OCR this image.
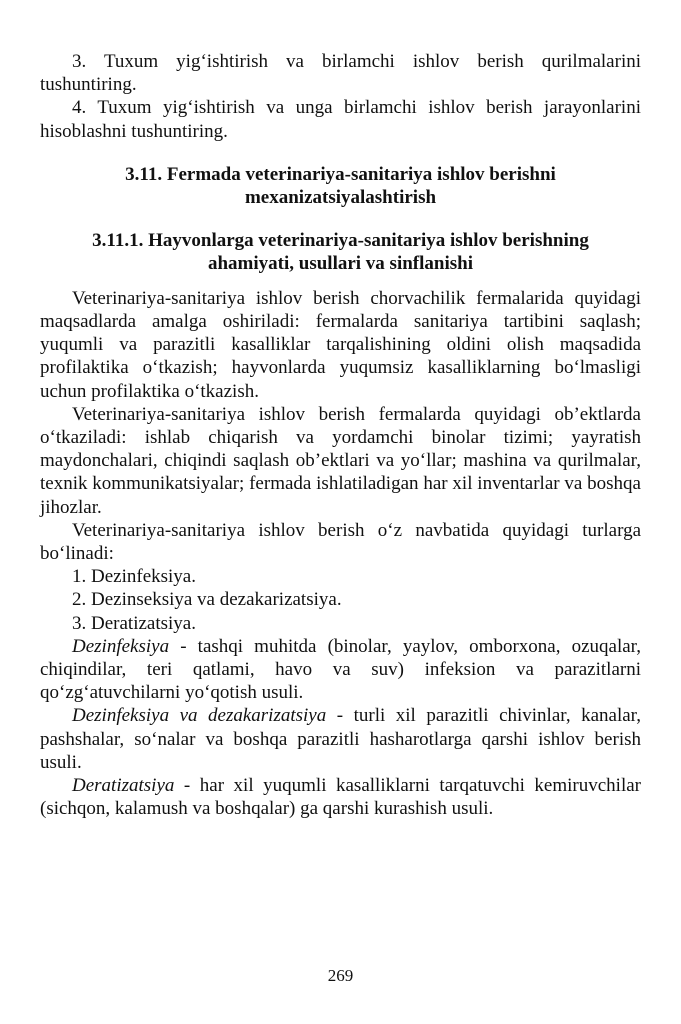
3. Tuxum yig‘ishtirish va birlamchi ishlov berish qurilmalarini tushuntiring.

4. Tuxum yig‘ishtirish va unga birlamchi ishlov berish jarayonlarini hisoblashni tushuntiring.

3.11. Fermada veterinariya-sanitariya ishlov berishni
mexanizatsiyalashtirish
3.11.1. Hayvonlarga veterinariya-sanitariya ishlov berishning
ahamiyati, usullari va sinflanishi

Veterinariya-sanitariya ishlov berish chorvachilik fermalarida quyidagi maqsadlarda amalga oshiriladi: fermalarda sanitariya tartibini saqlash; yuqumli va parazitli kasalliklar tarqalishining oldini olish maqsadida profilaktika o‘tkazish; hayvonlarda yuqumsiz kasalliklarning bo‘lmasligi uchun profilaktika o‘tkazish.

Veterinariya-sanitariya ishlov berish fermalarda quyidagi ob’ektlarda o‘tkaziladi: ishlab chiqarish va yordamchi binolar tizimi; yayratish maydonchalari, chiqindi saqlash ob’ektlari va yo‘llar; mashina va qurilmalar, texnik kommunikatsiyalar; fermada ishlatiladigan har xil inventarlar va boshqa jihozlar.

Veterinariya-sanitariya ishlov berish o‘z navbatida quyidagi turlarga bo‘linadi:

1. Dezinfeksiya.

2. Dezinseksiya va dezakarizatsiya.

3. Deratizatsiya.

Dezinfeksiya - tashqi muhitda (binolar, yaylov, omborxona, ozuqalar, chiqindilar, teri qatlami, havo va suv) infeksion va parazitlarni qo‘zg‘atuvchilarni yo‘qotish usuli.

Dezinfeksiya va dezakarizatsiya - turli xil parazitli chivinlar, kanalar, pashshalar, so‘nalar va boshqa parazitli hasharotlarga qarshi ishlov berish usuli.

Deratizatsiya - har xil yuqumli kasalliklarni tarqatuvchi kemiruvchilar (sichqon, kalamush va boshqalar) ga qarshi kurashish usuli.

269
